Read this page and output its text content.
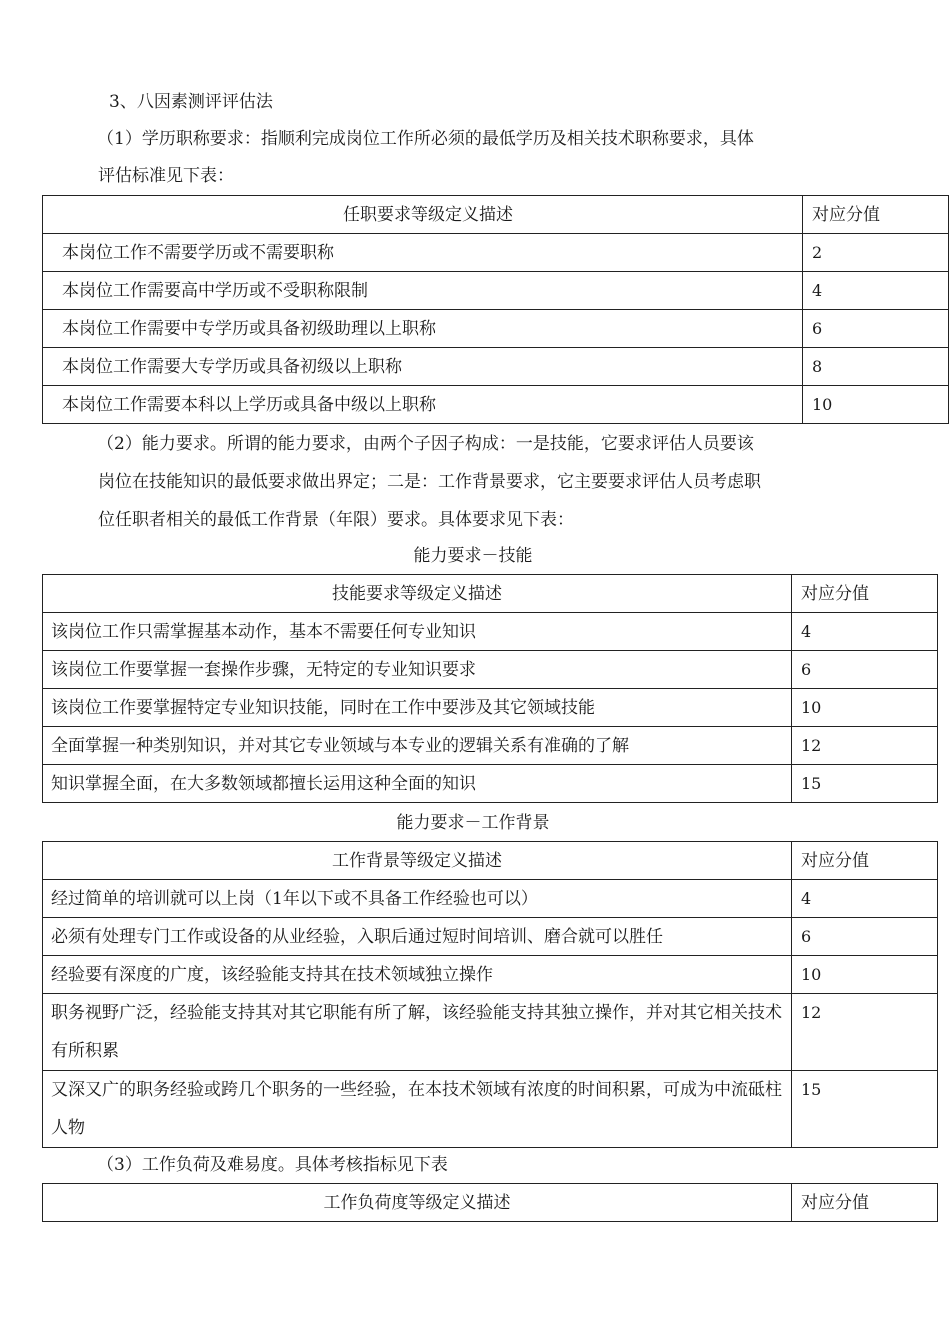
3、八因素测评评估法
（1）学历职称要求：指顺利完成岗位工作所必须的最低学历及相关技术职称要求，具体
评估标准见下表：
任职要求等级定义描述	对应分值
本岗位工作不需要学历或不需要职称	2
本岗位工作需要高中学历或不受职称限制	4
本岗位工作需要中专学历或具备初级助理以上职称	6
本岗位工作需要大专学历或具备初级以上职称	8
本岗位工作需要本科以上学历或具备中级以上职称	10
（2）能力要求。所谓的能力要求，由两个子因子构成：一是技能，它要求评估人员要该
岗位在技能知识的最低要求做出界定；二是：工作背景要求，它主要要求评估人员考虑职
位任职者相关的最低工作背景（年限）要求。具体要求见下表：
能力要求－技能
技能要求等级定义描述	对应分值
该岗位工作只需掌握基本动作，基本不需要任何专业知识	4
该岗位工作要掌握一套操作步骤，无特定的专业知识要求	6
该岗位工作要掌握特定专业知识技能，同时在工作中要涉及其它领域技能	10
全面掌握一种类别知识，并对其它专业领域与本专业的逻辑关系有准确的了解	12
知识掌握全面，在大多数领域都擅长运用这种全面的知识	15
能力要求－工作背景
工作背景等级定义描述	对应分值
经过简单的培训就可以上岗（1年以下或不具备工作经验也可以）	4
必须有处理专门工作或设备的从业经验，入职后通过短时间培训、磨合就可以胜任	6
经验要有深度的广度，该经验能支持其在技术领域独立操作	10
职务视野广泛，经验能支持其对其它职能有所了解，该经验能支持其独立操作，并对其它相关技术有所积累	12
又深又广的职务经验或跨几个职务的一些经验，在本技术领域有浓度的时间积累，可成为中流砥柱人物	15
（3）工作负荷及难易度。具体考核指标见下表
工作负荷度等级定义描述	对应分值
